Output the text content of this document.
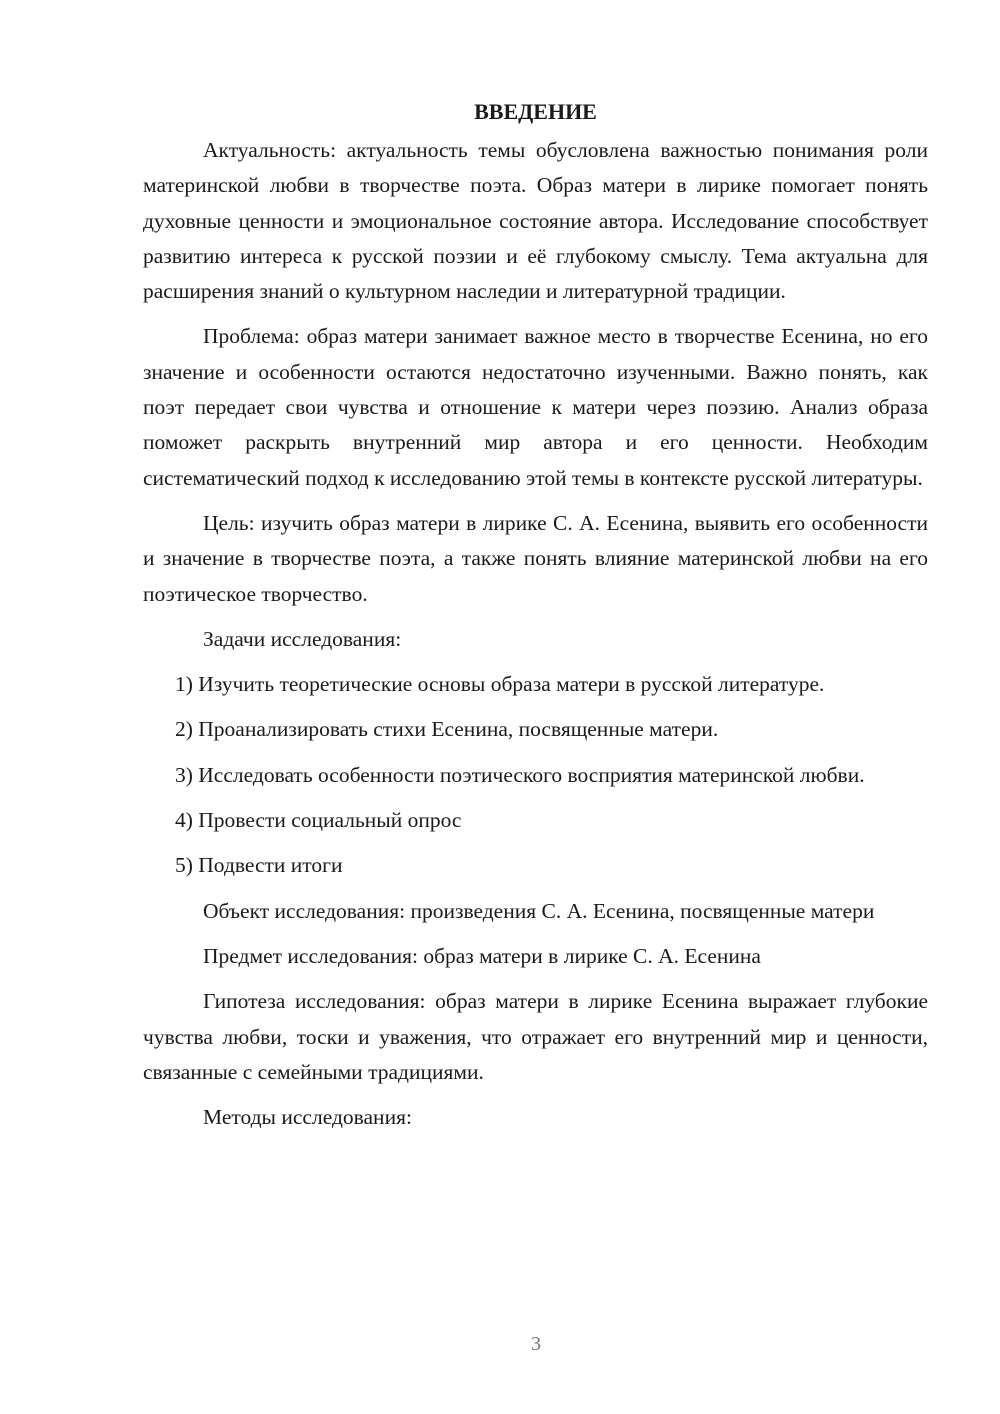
ВВЕДЕНИЕ

Актуальность: актуальность темы обусловлена важностью понимания роли материнской любви в творчестве поэта. Образ матери в лирике помогает понять духовные ценности и эмоциональное состояние автора. Исследование способствует развитию интереса к русской поэзии и её глубокому смыслу. Тема актуальна для расширения знаний о культурном наследии и литературной традиции.

Проблема: образ матери занимает важное место в творчестве Есенина, но его значение и особенности остаются недостаточно изученными. Важно понять, как поэт передает свои чувства и отношение к матери через поэзию. Анализ образа поможет раскрыть внутренний мир автора и его ценности. Необходим систематический подход к исследованию этой темы в контексте русской литературы.

Цель: изучить образ матери в лирике С. А. Есенина, выявить его особенности и значение в творчестве поэта, а также понять влияние материнской любви на его поэтическое творчество.

Задачи исследования:

1) Изучить теоретические основы образа матери в русской литературе.

2) Проанализировать стихи Есенина, посвященные матери.

3) Исследовать особенности поэтического восприятия материнской любви.

4) Провести социальный опрос

5) Подвести итоги

Объект исследования: произведения С. А. Есенина, посвященные матери

Предмет исследования: образ матери в лирике С. А. Есенина

Гипотеза исследования: образ матери в лирике Есенина выражает глубокие чувства любви, тоски и уважения, что отражает его внутренний мир и ценности, связанные с семейными традициями.

Методы исследования:

3
